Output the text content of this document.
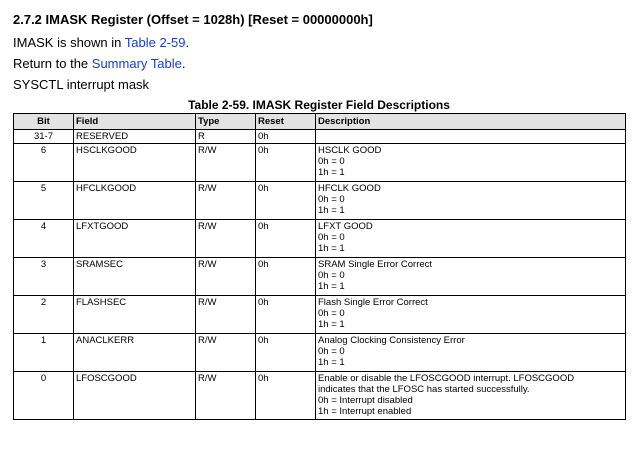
2.7.2 IMASK Register (Offset = 1028h) [Reset = 00000000h]
IMASK is shown in Table 2-59.
Return to the Summary Table.
SYSCTL interrupt mask
Table 2-59. IMASK Register Field Descriptions
Bit	Field	Type	Reset	Description
31-7	RESERVED	R	0h	
6	HSCLKGOOD	R/W	0h	HSCLK GOOD
0h = 0
1h = 1

5	HFCLKGOOD	R/W	0h	HFCLK GOOD
0h = 0
1h = 1

4	LFXTGOOD	R/W	0h	LFXT GOOD
0h = 0
1h = 1

3	SRAMSEC	R/W	0h	SRAM Single Error Correct
0h = 0
1h = 1

2	FLASHSEC	R/W	0h	Flash Single Error Correct
0h = 0
1h = 1

1	ANACLKERR	R/W	0h	Analog Clocking Consistency Error
0h = 0
1h = 1

0	LFOSCGOOD	R/W	0h	Enable or disable the LFOSCGOOD interrupt. LFOSCGOOD
indicates that the LFOSC has started successfully.
0h = Interrupt disabled
1h = Interrupt enabled
